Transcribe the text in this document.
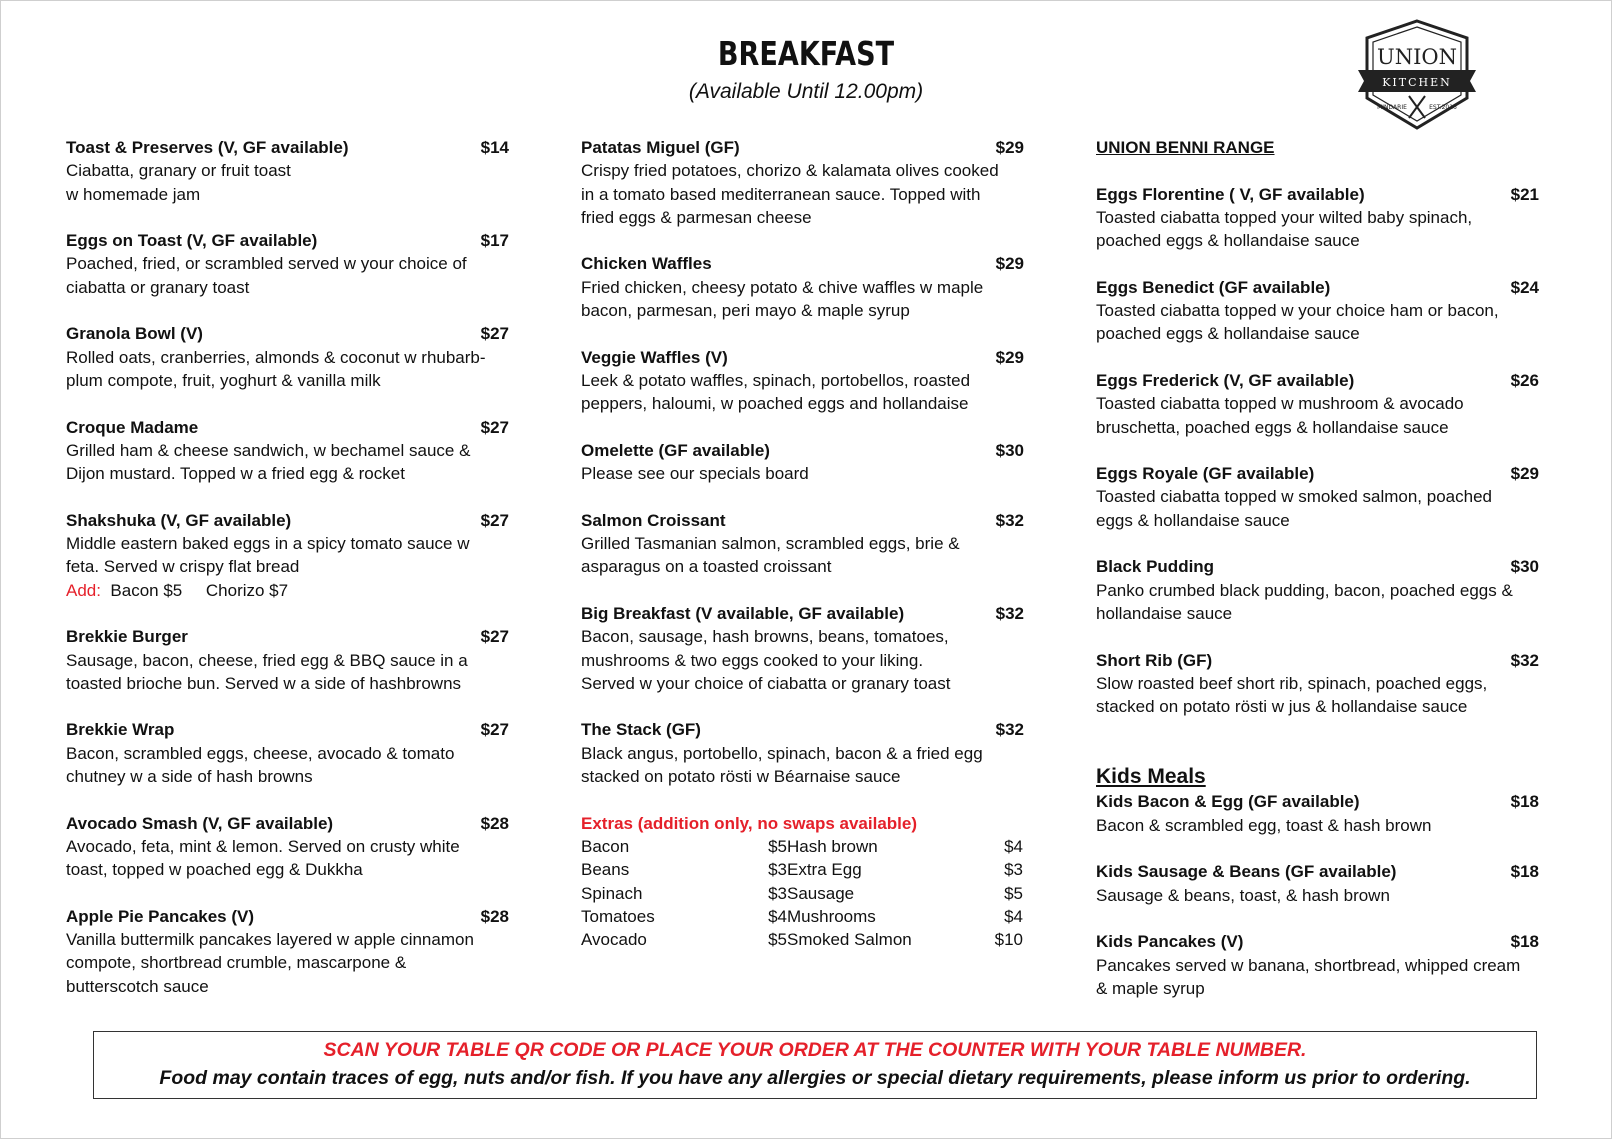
BREAKFAST
(Available Until 12.00pm)
UNION
KITCHEN
MINDARIE	EST.2016
Toast & Preserves (V, GF available)	$14
Ciabatta, granary or fruit toast
w homemade jam
Eggs on Toast (V, GF available)	$17
Poached, fried, or scrambled served w your choice of
ciabatta or granary toast
Granola Bowl (V)	$27
Rolled oats, cranberries, almonds & coconut w rhubarb-
plum compote, fruit, yoghurt & vanilla milk
Croque Madame	$27
Grilled ham & cheese sandwich, w bechamel sauce &
Dijon mustard. Topped w a fried egg & rocket
Shakshuka (V, GF available)	$27
Middle eastern baked eggs in a spicy tomato sauce w
feta. Served w crispy flat bread
Add:  Bacon $5     Chorizo $7
Brekkie Burger	$27
Sausage, bacon, cheese, fried egg & BBQ sauce in a
toasted brioche bun. Served w a side of hashbrowns
Brekkie Wrap	$27
Bacon, scrambled eggs, cheese, avocado & tomato
chutney w a side of hash browns
Avocado Smash (V, GF available)	$28
Avocado, feta, mint & lemon. Served on crusty white
toast, topped w poached egg & Dukkha
Apple Pie Pancakes (V)	$28
Vanilla buttermilk pancakes layered w apple cinnamon
compote, shortbread crumble, mascarpone &
butterscotch sauce
Patatas Miguel (GF)	$29
Crispy fried potatoes, chorizo & kalamata olives cooked
in a tomato based mediterranean sauce. Topped with
fried eggs & parmesan cheese
Chicken Waffles	$29
Fried chicken, cheesy potato & chive waffles w maple
bacon, parmesan, peri mayo & maple syrup
Veggie Waffles (V)	$29
Leek & potato waffles, spinach, portobellos, roasted
peppers, haloumi, w poached eggs and hollandaise
Omelette (GF available)	$30
Please see our specials board
Salmon Croissant	$32
Grilled Tasmanian salmon, scrambled eggs, brie &
asparagus on a toasted croissant
Big Breakfast (V available, GF available)	$32
Bacon, sausage, hash browns, beans, tomatoes,
mushrooms & two eggs cooked to your liking.
Served w your choice of ciabatta or granary toast
The Stack (GF)	$32
Black angus, portobello, spinach, bacon & a fried egg
stacked on potato rösti w Béarnaise sauce
Extras (addition only, no swaps available)
Bacon	$5 Hash brown	$4
Beans	$3 Extra Egg	$3
Spinach	$3 Sausage	$5
Tomatoes	$4 Mushrooms	$4
Avocado	$5 Smoked Salmon	$10
UNION BENNI RANGE
Eggs Florentine ( V, GF available)	$21
Toasted ciabatta topped your wilted baby spinach,
poached eggs & hollandaise sauce
Eggs Benedict (GF available)	$24
Toasted ciabatta topped w your choice ham or bacon,
poached eggs & hollandaise sauce
Eggs Frederick (V, GF available)	$26
Toasted ciabatta topped w mushroom & avocado
bruschetta, poached eggs & hollandaise sauce
Eggs Royale (GF available)	$29
Toasted ciabatta topped w smoked salmon, poached
eggs & hollandaise sauce
Black Pudding	$30
Panko crumbed black pudding, bacon, poached eggs &
hollandaise sauce
Short Rib (GF)	$32
Slow roasted beef short rib, spinach, poached eggs,
stacked on potato rösti w jus & hollandaise sauce
Kids Meals
Kids Bacon & Egg (GF available)	$18
Bacon & scrambled egg, toast & hash brown
Kids Sausage & Beans (GF available)	$18
Sausage & beans, toast, & hash brown
Kids Pancakes (V)	$18
Pancakes served w banana, shortbread, whipped cream
& maple syrup
SCAN YOUR TABLE QR CODE OR PLACE YOUR ORDER AT THE COUNTER WITH YOUR TABLE NUMBER.
Food may contain traces of egg, nuts and/or fish. If you have any allergies or special dietary requirements, please inform us prior to ordering.
